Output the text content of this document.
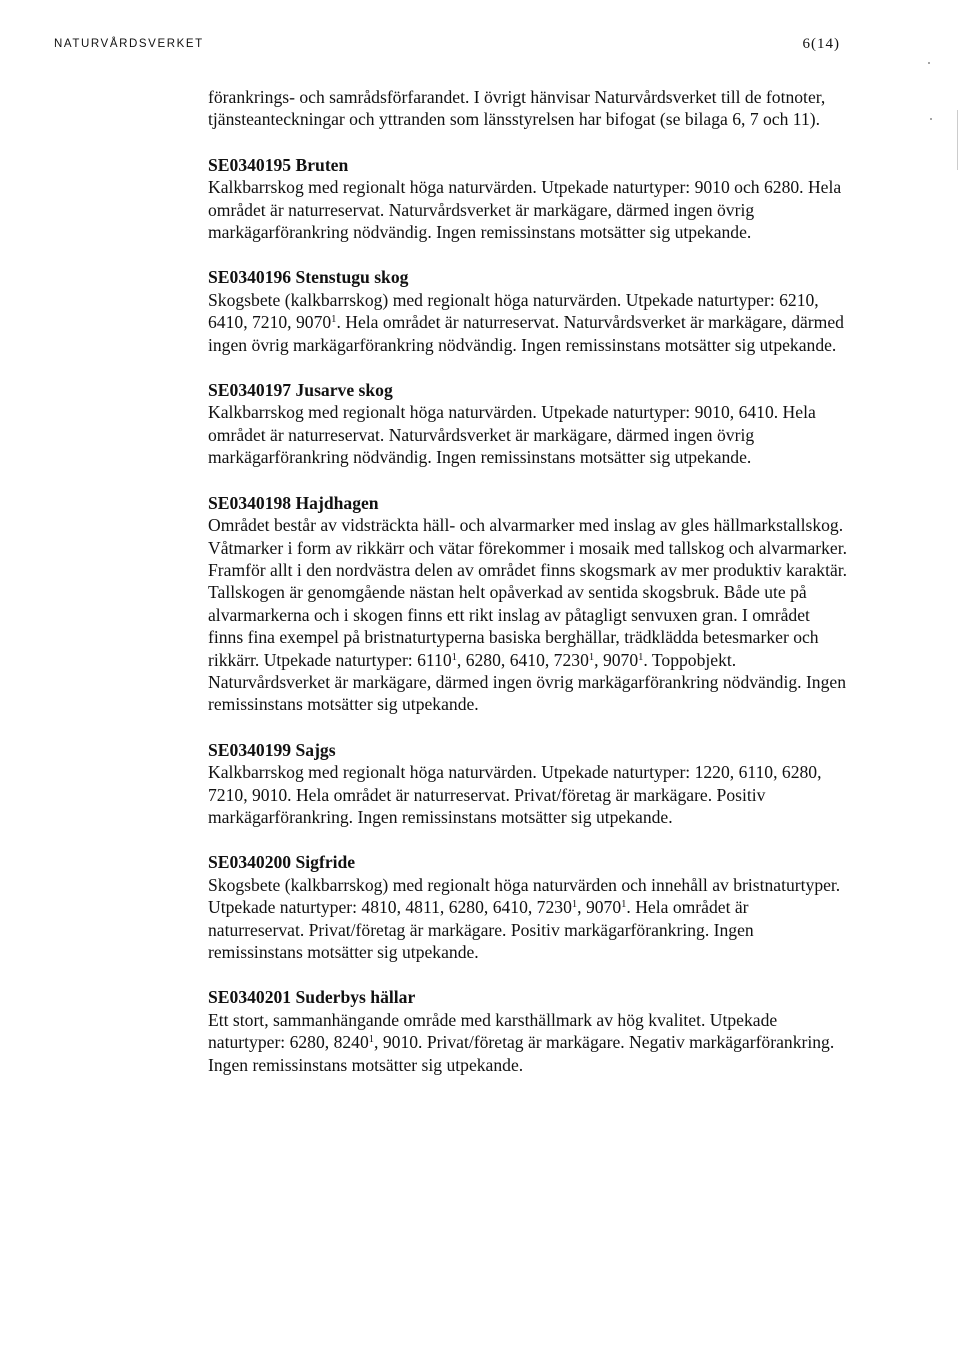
NATURVÅRDSVERKET	6(14)

förankrings- och samrådsförfarandet. I övrigt hänvisar Naturvårdsverket till de fotnoter, tjänsteanteckningar och yttranden som länsstyrelsen har bifogat (se bilaga 6, 7 och 11).

SE0340195 Bruten
Kalkbarrskog med regionalt höga naturvärden. Utpekade naturtyper: 9010 och 6280. Hela området är naturreservat. Naturvårdsverket är markägare, därmed ingen övrig markägarförankring nödvändig. Ingen remissinstans motsätter sig utpekande.
SE0340196 Stenstugu skog
Skogsbete (kalkbarrskog) med regionalt höga naturvärden. Utpekade naturtyper: 6210, 6410, 7210, 9070$^1$. Hela området är naturreservat. Naturvårdsverket är markägare, därmed ingen övrig markägarförankring nödvändig. Ingen remissinstans motsätter sig utpekande.
SE0340197 Jusarve skog
Kalkbarrskog med regionalt höga naturvärden. Utpekade naturtyper: 9010, 6410. Hela området är naturreservat. Naturvårdsverket är markägare, därmed ingen övrig markägarförankring nödvändig. Ingen remissinstans motsätter sig utpekande.
SE0340198 Hajdhagen
Området består av vidsträckta häll- och alvarmarker med inslag av gles hällmarkstallskog. Våtmarker i form av rikkärr och vätar förekommer i mosaik med tallskog och alvarmarker. Framför allt i den nordvästra delen av området finns skogsmark av mer produktiv karaktär. Tallskogen är genomgående nästan helt opåverkad av sentida skogsbruk. Både ute på alvarmarkerna och i skogen finns ett rikt inslag av påtagligt senvuxen gran. I området finns fina exempel på bristnaturtyperna basiska berghällar, trädklädda betesmarker och rikkärr. Utpekade naturtyper: 6110$^1$, 6280, 6410, 7230$^1$, 9070$^1$. Toppobjekt. Naturvårdsverket är markägare, därmed ingen övrig markägarförankring nödvändig. Ingen remissinstans motsätter sig utpekande.
SE0340199 Sajgs
Kalkbarrskog med regionalt höga naturvärden. Utpekade naturtyper: 1220, 6110, 6280, 7210, 9010. Hela området är naturreservat. Privat/företag är markägare. Positiv markägarförankring. Ingen remissinstans motsätter sig utpekande.
SE0340200 Sigfride
Skogsbete (kalkbarrskog) med regionalt höga naturvärden och innehåll av bristnaturtyper. Utpekade naturtyper: 4810, 4811, 6280, 6410, 7230$^1$, 9070$^1$. Hela området är naturreservat. Privat/företag är markägare. Positiv markägarförankring. Ingen remissinstans motsätter sig utpekande.
SE0340201 Suderbys hällar
Ett stort, sammanhängande område med karsthällmark av hög kvalitet. Utpekade naturtyper: 6280, 8240$^1$, 9010. Privat/företag är markägare. Negativ markägarförankring. Ingen remissinstans motsätter sig utpekande.
